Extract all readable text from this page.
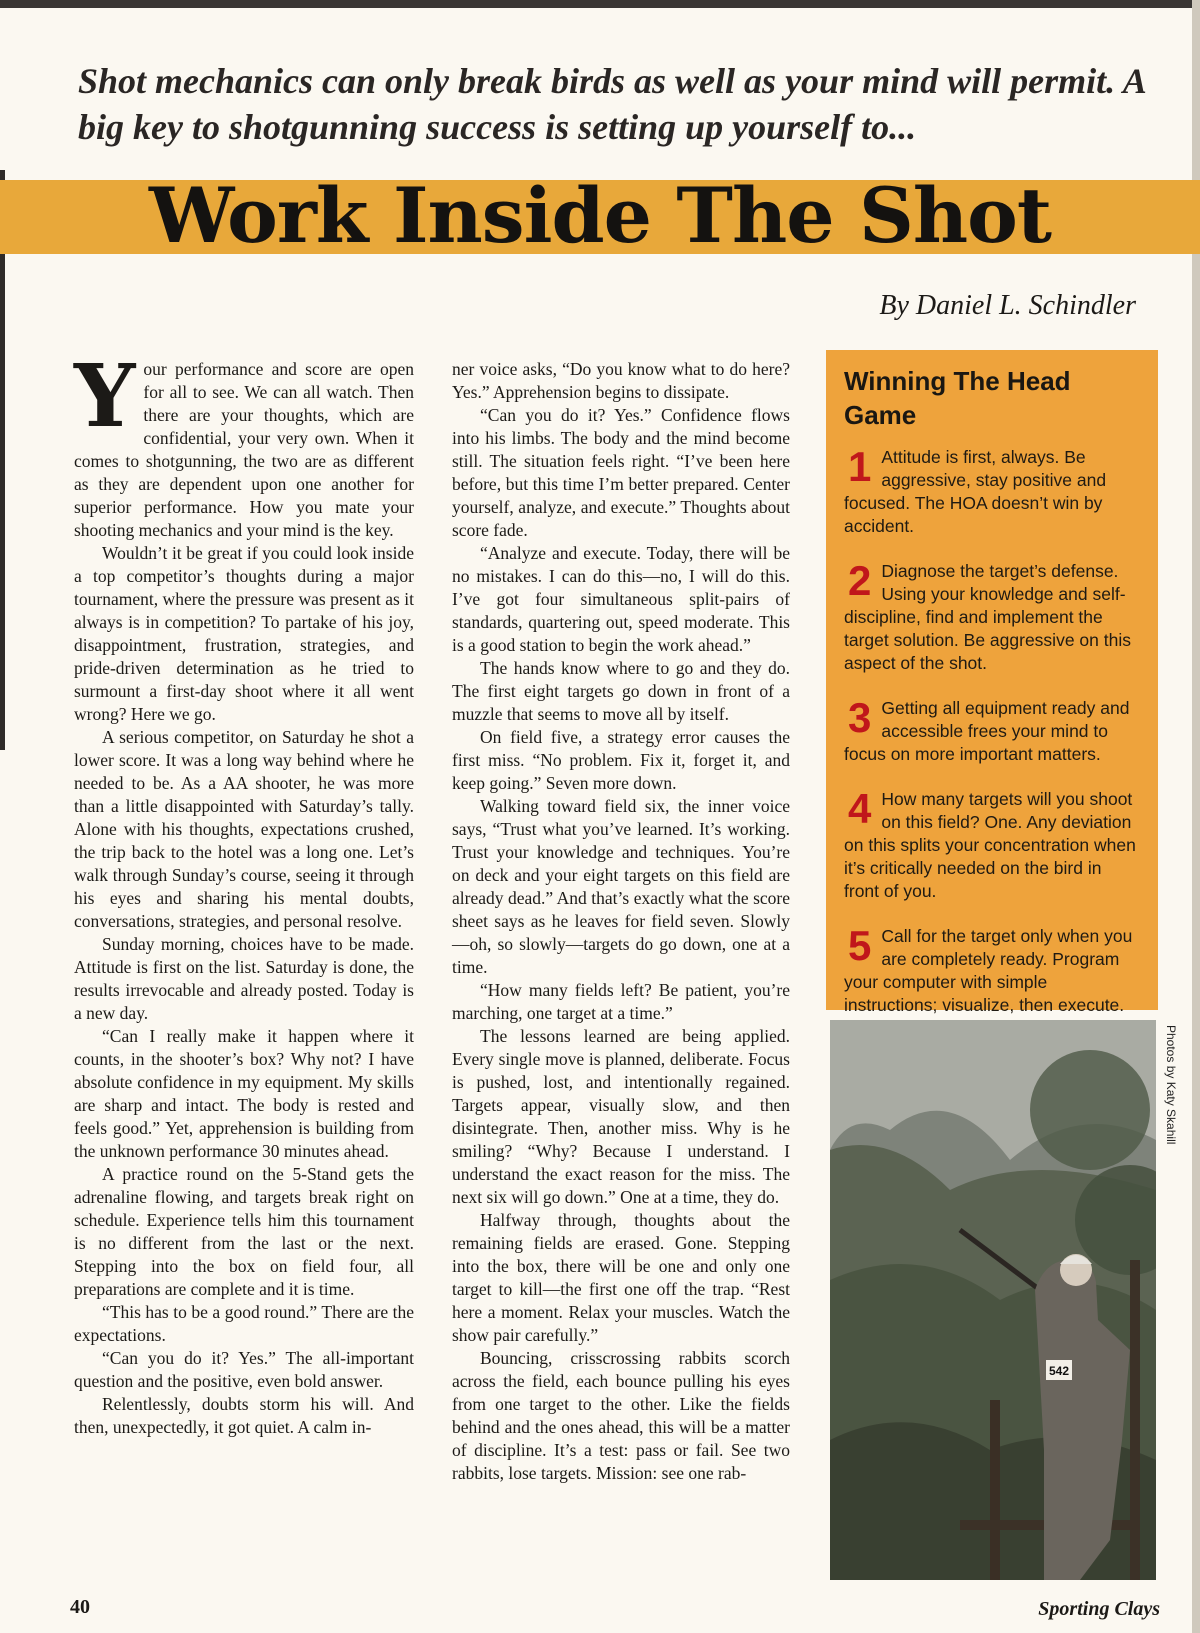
Shot mechanics can only break birds as well as your mind will permit. A big key to shotgunning success is setting up yourself to...
Work Inside The Shot
By Daniel L. Schindler
Y our performance and score are open for all to see. We can all watch. Then there are your thoughts, which are confidential, your very own. When it comes to shotgunning, the two are as different as they are dependent upon one another for superior performance. How you mate your shooting mechanics and your mind is the key.

Wouldn’t it be great if you could look inside a top competitor’s thoughts during a major tournament, where the pressure was present as it always is in competition? To partake of his joy, disappointment, frustration, strategies, and pride-driven determination as he tried to surmount a first-day shoot where it all went wrong? Here we go.

A serious competitor, on Saturday he shot a lower score. It was a long way behind where he needed to be. As a AA shooter, he was more than a little disappointed with Saturday’s tally. Alone with his thoughts, expectations crushed, the trip back to the hotel was a long one. Let’s walk through Sunday’s course, seeing it through his eyes and sharing his mental doubts, conversations, strategies, and personal resolve.

Sunday morning, choices have to be made. Attitude is first on the list. Saturday is done, the results irrevocable and already posted. Today is a new day.

“Can I really make it happen where it counts, in the shooter’s box? Why not? I have absolute confidence in my equipment. My skills are sharp and intact. The body is rested and feels good.” Yet, apprehension is building from the unknown performance 30 minutes ahead.

A practice round on the 5-Stand gets the adrenaline flowing, and targets break right on schedule. Experience tells him this tournament is no different from the last or the next. Stepping into the box on field four, all preparations are complete and it is time.

“This has to be a good round.” There are the expectations.

“Can you do it? Yes.” The all-important question and the positive, even bold answer.

Relentlessly, doubts storm his will. And then, unexpectedly, it got quiet. A calm in-

ner voice asks, “Do you know what to do here? Yes.” Apprehension begins to dissipate.

“Can you do it? Yes.” Confidence flows into his limbs. The body and the mind become still. The situation feels right. “I’ve been here before, but this time I’m better prepared. Center yourself, analyze, and execute.” Thoughts about score fade.

“Analyze and execute. Today, there will be no mistakes. I can do this—no, I will do this. I’ve got four simultaneous split-pairs of standards, quartering out, speed moderate. This is a good station to begin the work ahead.”

The hands know where to go and they do. The first eight targets go down in front of a muzzle that seems to move all by itself.

On field five, a strategy error causes the first miss. “No problem. Fix it, forget it, and keep going.” Seven more down.

Walking toward field six, the inner voice says, “Trust what you’ve learned. It’s working. Trust your knowledge and techniques. You’re on deck and your eight targets on this field are already dead.” And that’s exactly what the score sheet says as he leaves for field seven. Slowly—oh, so slowly—targets do go down, one at a time.

“How many fields left? Be patient, you’re marching, one target at a time.”

The lessons learned are being applied. Every single move is planned, deliberate. Focus is pushed, lost, and intentionally regained. Targets appear, visually slow, and then disintegrate. Then, another miss. Why is he smiling? “Why? Because I understand. I understand the exact reason for the miss. The next six will go down.” One at a time, they do.

Halfway through, thoughts about the remaining fields are erased. Gone. Stepping into the box, there will be one and only one target to kill—the first one off the trap. “Rest here a moment. Relax your muscles. Watch the show pair carefully.”

Bouncing, crisscrossing rabbits scorch across the field, each bounce pulling his eyes from one target to the other. Like the fields behind and the ones ahead, this will be a matter of discipline. It’s a test: pass or fail. See two rabbits, lose targets. Mission: see one rab-

Winning The Head Game
1 Attitude is first, always. Be aggressive, stay positive and focused. The HOA doesn’t win by accident.
2 Diagnose the target’s defense. Using your knowledge and self-discipline, find and implement the target solution. Be aggressive on this aspect of the shot.
3 Getting all equipment ready and accessible frees your mind to focus on more important matters.
4 How many targets will you shoot on this field? One. Any deviation on this splits your concentration when it’s critically needed on the bird in front of you.
5 Call for the target only when you are completely ready. Program your computer with simple instructions; visualize, then execute.
542
Photos by Katy Skahill
40	Sporting Clays
